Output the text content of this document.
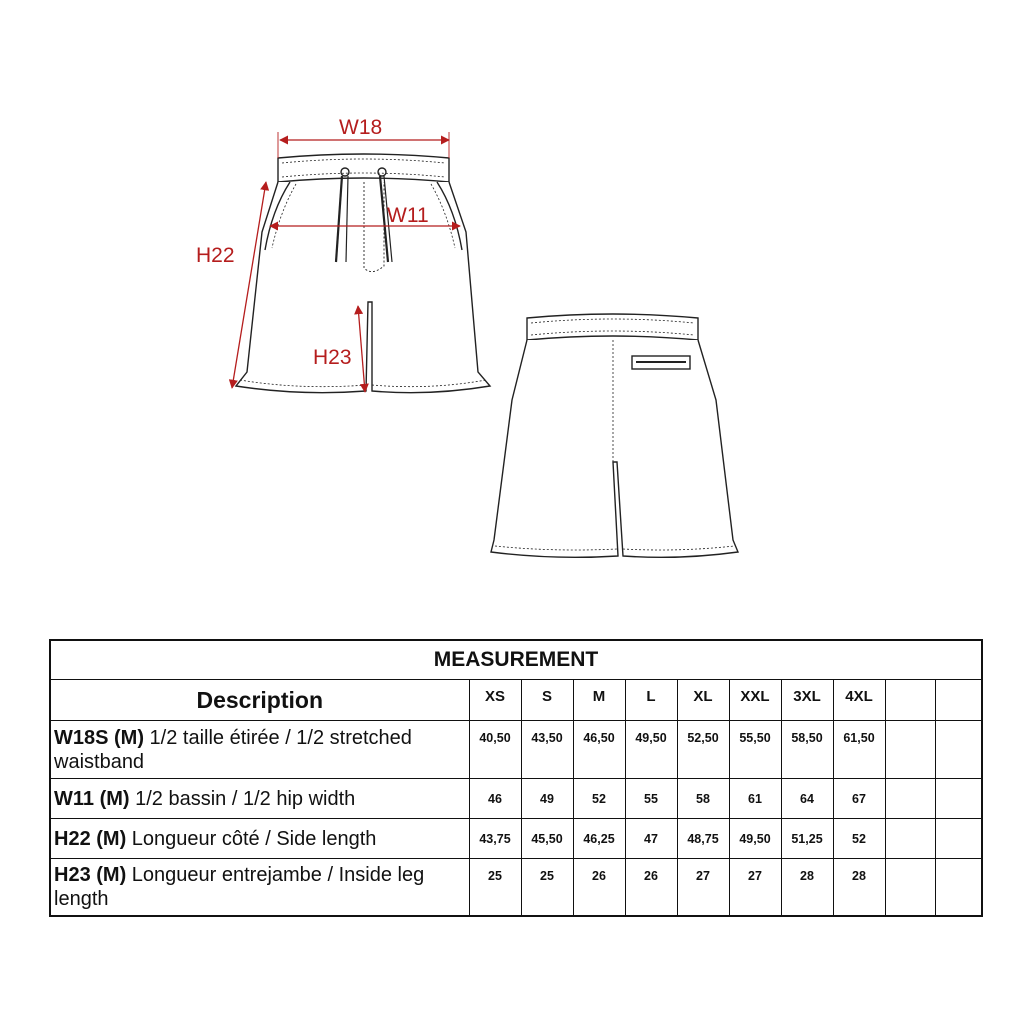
W18
W11
H22
H23
MEASUREMENT										
Description	XS	S	M	L	XL	XXL	3XL	4XL		
W18S (M) 1/2 taille étirée / 1/2 stretched waistband	40,50	43,50	46,50	49,50	52,50	55,50	58,50	61,50		
W11 (M) 1/2 bassin / 1/2 hip width	46	49	52	55	58	61	64	67		
H22 (M) Longueur côté / Side length	43,75	45,50	46,25	47	48,75	49,50	51,25	52		
H23 (M) Longueur entrejambe / Inside leg length	25	25	26	26	27	27	28	28		
